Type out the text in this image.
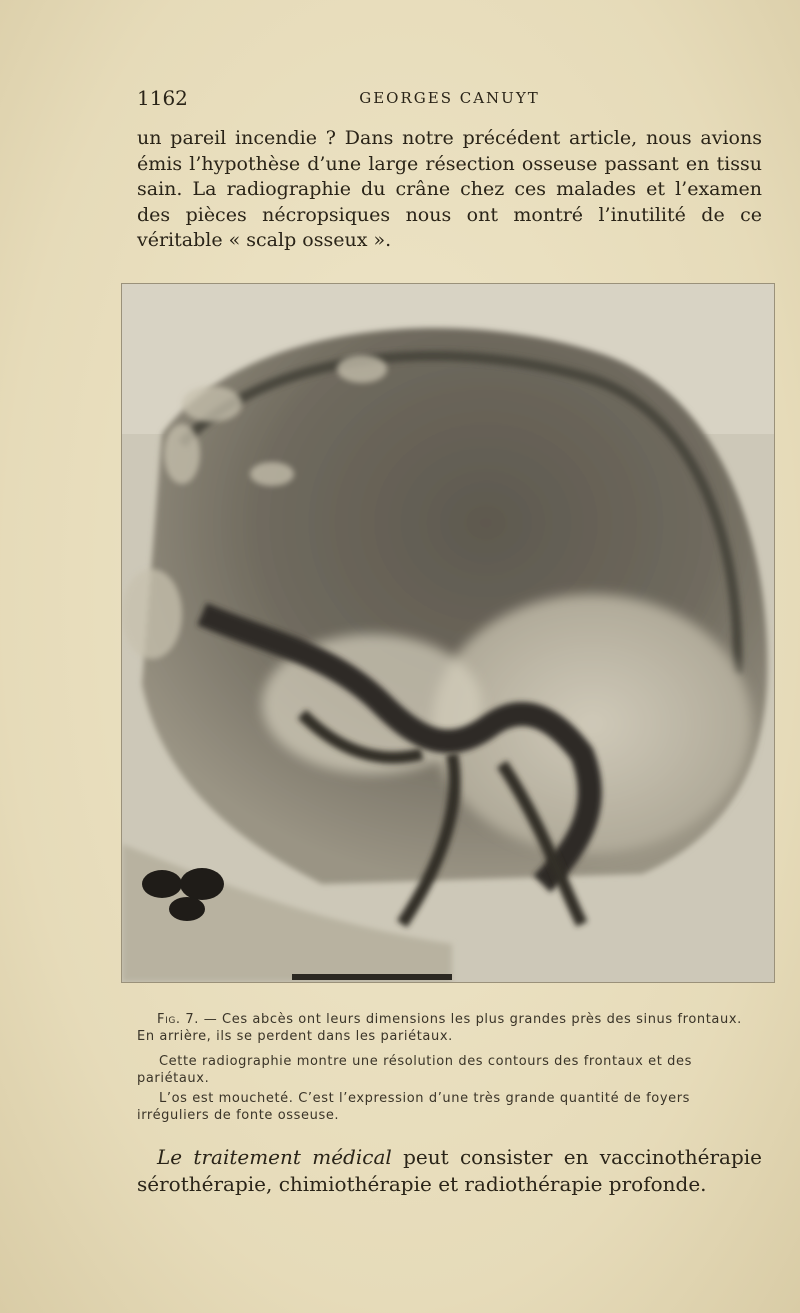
1162	GEORGES CANUYT

un pareil incendie ? Dans notre précédent article, nous avions émis l’hypothèse d’une large résection osseuse passant en tissu sain. La radiographie du crâne chez ces malades et l’examen des pièces nécropsiques nous ont montré l’inutilité de ce véritable « scalp osseux ».

Fig. 7. — Ces abcès ont leurs dimensions les plus grandes près des sinus frontaux. En arrière, ils se perdent dans les pariétaux.

Cette radiographie montre une résolution des contours des frontaux et des pariétaux.

L’os est moucheté. C’est l’expression d’une très grande quantité de foyers irréguliers de fonte osseuse.

Le traitement médical peut consister en vaccinothérapie sérothérapie, chimiothérapie et radiothérapie profonde.
